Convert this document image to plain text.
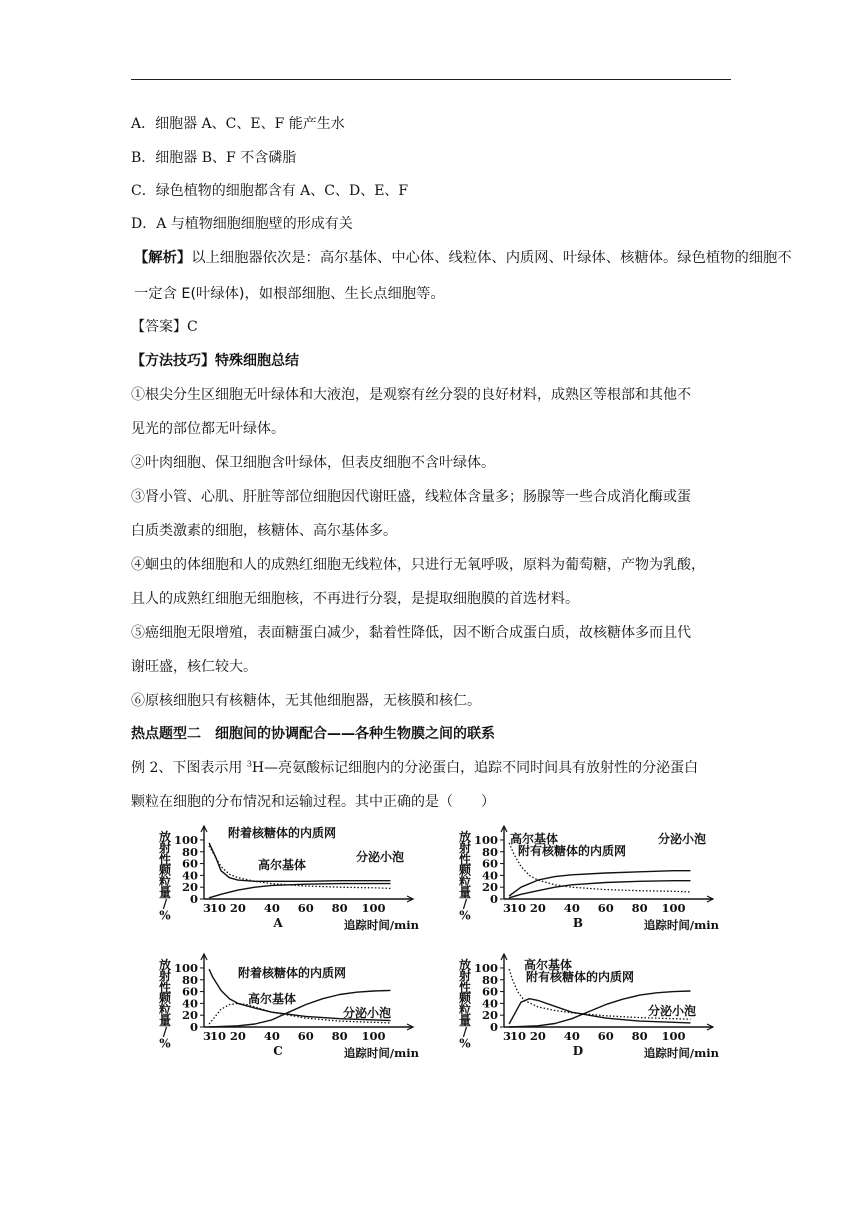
A．细胞器 A、C、E、F 能产生水
B．细胞器 B、F 不含磷脂
C．绿色植物的细胞都含有 A、C、D、E、F
D．A 与植物细胞细胞壁的形成有关
【解析】以上细胞器依次是：高尔基体、中心体、线粒体、内质网、叶绿体、核糖体。绿色植物的细胞不
一定含 E(叶绿体)，如根部细胞、生长点细胞等。
【答案】C
【方法技巧】特殊细胞总结
①根尖分生区细胞无叶绿体和大液泡，是观察有丝分裂的良好材料，成熟区等根部和其他不
见光的部位都无叶绿体。
②叶肉细胞、保卫细胞含叶绿体，但表皮细胞不含叶绿体。
③肾小管、心肌、肝脏等部位细胞因代谢旺盛，线粒体含量多；肠腺等一些合成消化酶或蛋
白质类激素的细胞，核糖体、高尔基体多。
④蛔虫的体细胞和人的成熟红细胞无线粒体，只进行无氧呼吸，原料为葡萄糖，产物为乳酸，
且人的成熟红细胞无细胞核，不再进行分裂，是提取细胞膜的首选材料。
⑤癌细胞无限增殖，表面糖蛋白减少，黏着性降低，因不断合成蛋白质，故核糖体多而且代
谢旺盛，核仁较大。
⑥原核细胞只有核糖体，无其他细胞器，无核膜和核仁。
热点题型二　细胞间的协调配合——各种生物膜之间的联系
例 2、下图表示用 $^3$H—亮氨酸标记细胞内的分泌蛋白，追踪不同时间具有放射性的分泌蛋白
颗粒在细胞的分布情况和运输过程。其中正确的是（　　）
放
射
性
颗
粒
量
/
%
0
20
40
60
80
100
3
10 20 40 60 80 100
A	追踪时间/min
附着核糖体的内质网
高尔基体
分泌小泡
放
射
性
颗
粒
量
/
%
0
20
40
60
80
100
3
10 20 40 60 80 100
B	追踪时间/min
高尔基体
附有核糖体的内质网
分泌小泡
放
射
性
颗
粒
量
/
%
0
20
40
60
80
100
3
10 20 40 60 80 100
C	追踪时间/min
附着核糖体的内质网
高尔基体
分泌小泡
放
射
性
颗
粒
量
/
%
0
20
40
60
80
100
3
10 20 40 60 80 100
D	追踪时间/min
高尔基体
附有核糖体的内质网
分泌小泡
